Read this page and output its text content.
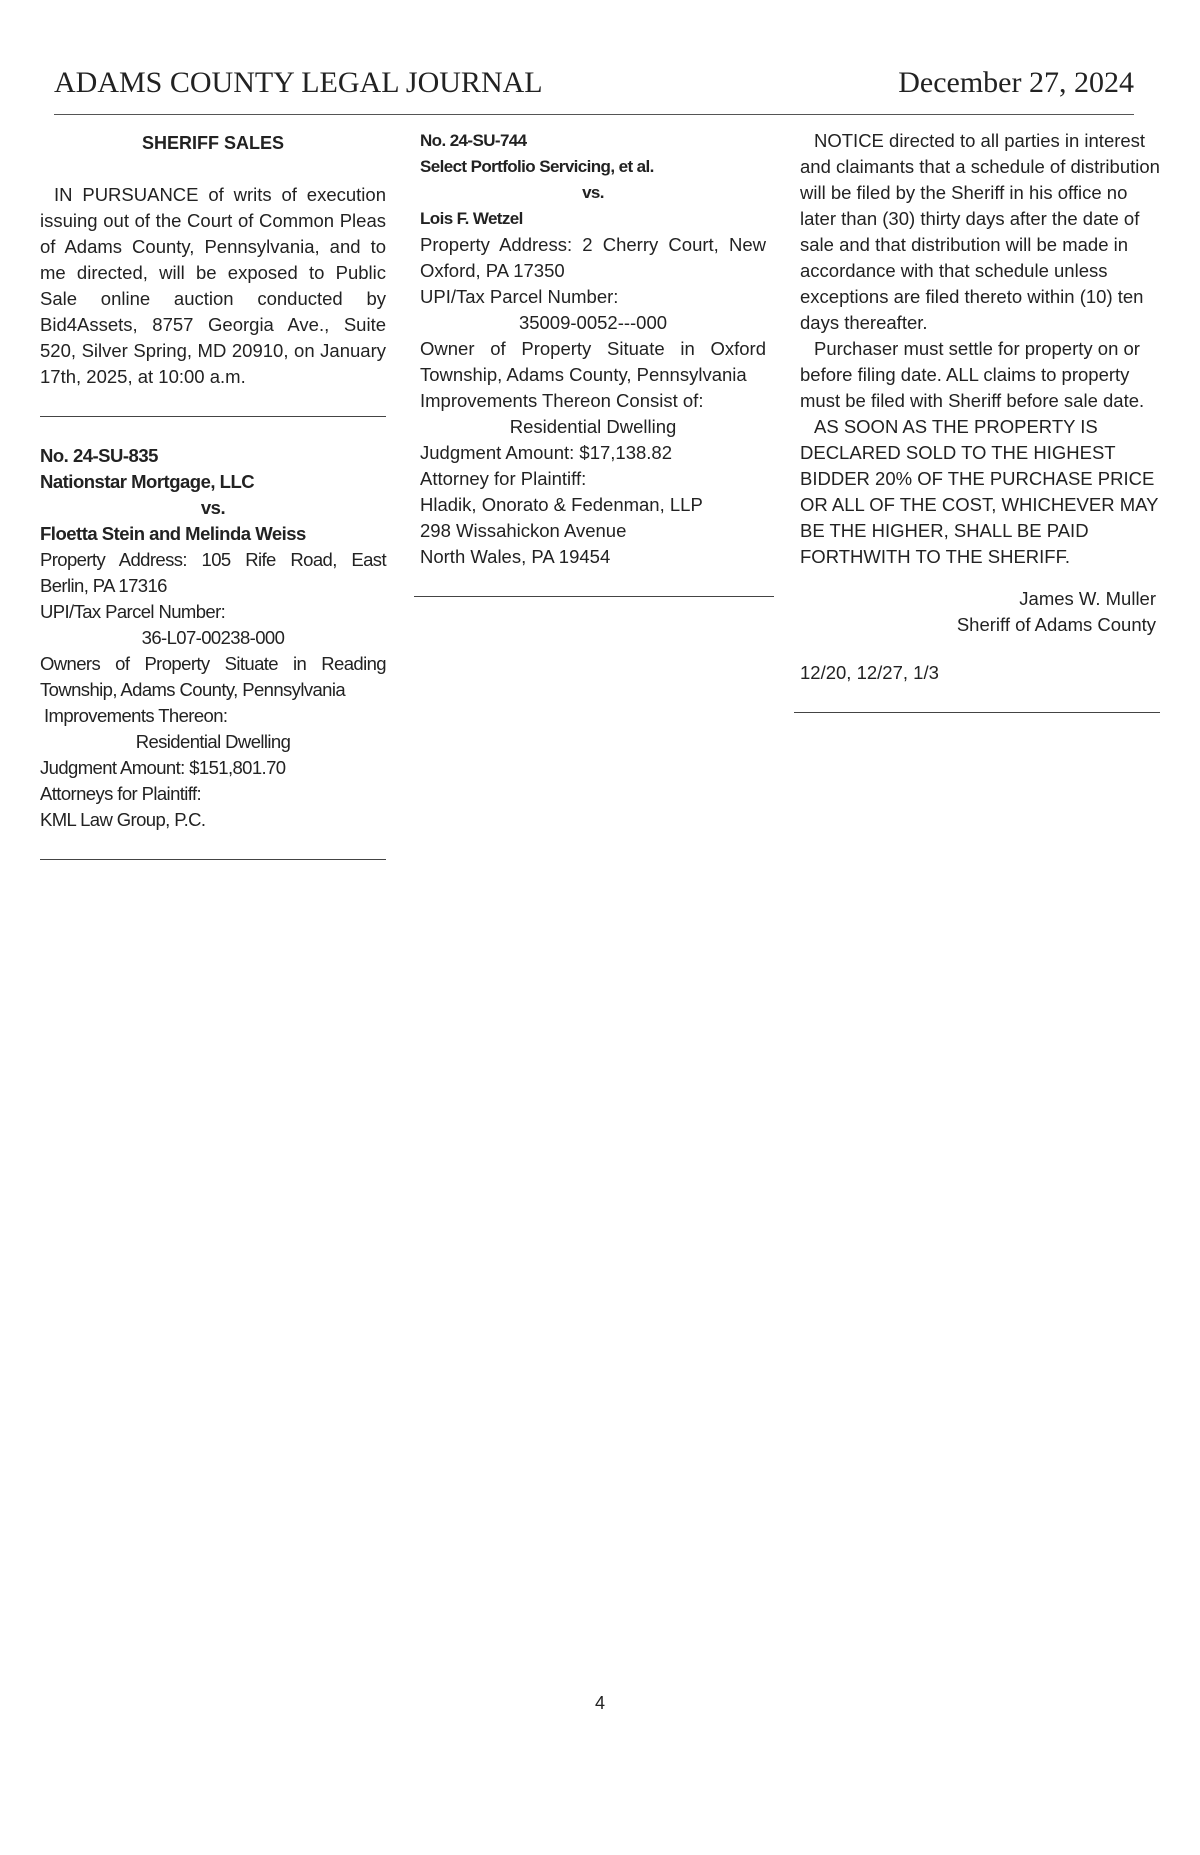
ADAMS COUNTY LEGAL JOURNAL	December 27, 2024

SHERIFF SALES

IN PURSUANCE of writs of execution issuing out of the Court of Common Pleas of Adams County, Pennsylvania, and to me directed, will be exposed to Public Sale online auction conducted by Bid4Assets, 8757 Georgia Ave., Suite 520, Silver Spring, MD 20910, on January 17th, 2025, at 10:00 a.m.

No. 24-SU-835

Nationstar Mortgage, LLC

vs.

Floetta Stein and Melinda Weiss

Property Address: 105 Rife Road, East Berlin, PA 17316

UPI/Tax Parcel Number:

36-L07-00238-000

Owners of Property Situate in Reading Township, Adams County, Pennsylvania

Improvements Thereon:

Residential Dwelling

Judgment Amount: $151,801.70

Attorneys for Plaintiff:

KML Law Group, P.C.

No. 24-SU-744

Select Portfolio Servicing, et al.

vs.

Lois F. Wetzel

Property Address: 2 Cherry Court, New Oxford, PA 17350

UPI/Tax Parcel Number:

35009-0052---000

Owner of Property Situate in Oxford Township, Adams County, Pennsylvania

Improvements Thereon Consist of:

Residential Dwelling

Judgment Amount: $17,138.82

Attorney for Plaintiff:

Hladik, Onorato & Fedenman, LLP

298 Wissahickon Avenue

North Wales, PA 19454

NOTICE directed to all parties in interest

and claimants that a schedule of distribution

will be filed by the Sheriff in his office no

later than (30) thirty days after the date of

sale and that distribution will be made in

accordance with that schedule unless

exceptions are filed thereto within (10) ten

days thereafter.

Purchaser must settle for property on or

before filing date. ALL claims to property

must be filed with Sheriff before sale date.

AS SOON AS THE PROPERTY IS

DECLARED SOLD TO THE HIGHEST

BIDDER 20% OF THE PURCHASE PRICE

OR ALL OF THE COST, WHICHEVER MAY

BE THE HIGHER, SHALL BE PAID

FORTHWITH TO THE SHERIFF.

James W. Muller

Sheriff of Adams County

12/20, 12/27, 1/3

4
